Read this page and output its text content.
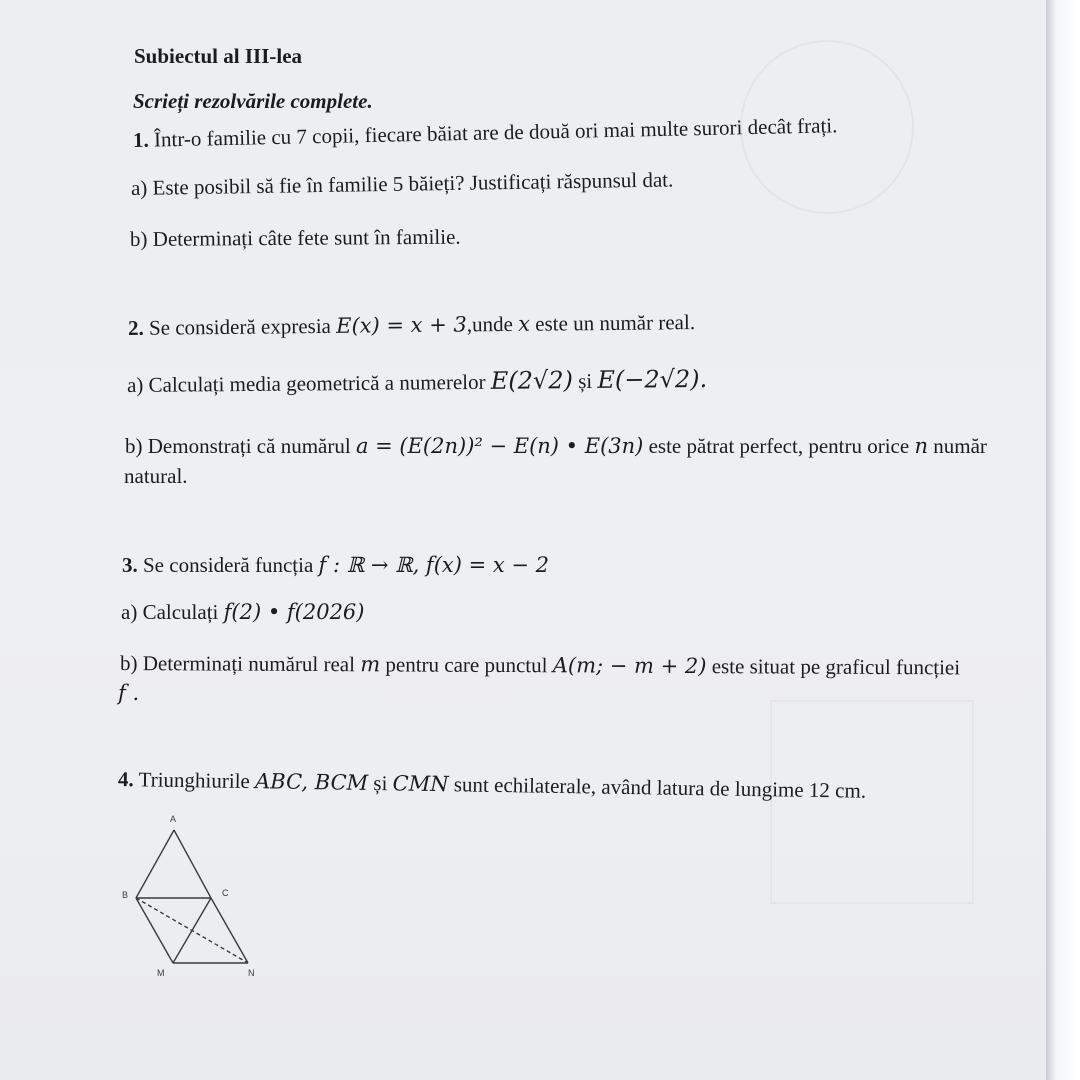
Subiectul al III-lea
Scrieți rezolvările complete.
1. Într-o familie cu 7 copii, fiecare băiat are de două ori mai multe surori decât frați.
a) Este posibil să fie în familie 5 băieți? Justificați răspunsul dat.
b) Determinați câte fete sunt în familie.
2. Se consideră expresia E(x) = x + 3,unde x este un număr real.
a) Calculați media geometrică a numerelor E(2√2) și E(−2√2).
b) Demonstrați că numărul a = (E(2n))² − E(n) • E(3n) este pătrat perfect, pentru orice n număr
natural.
3. Se consideră funcția f : ℝ → ℝ, f(x) = x − 2
a) Calculați f(2) • f(2026)
b) Determinați numărul real m pentru care punctul A(m; − m + 2) este situat pe graficul funcției
f .
4. Triunghiurile ABC, BCM și CMN sunt echilaterale, având latura de lungime 12 cm.
A
B	C
M	N
